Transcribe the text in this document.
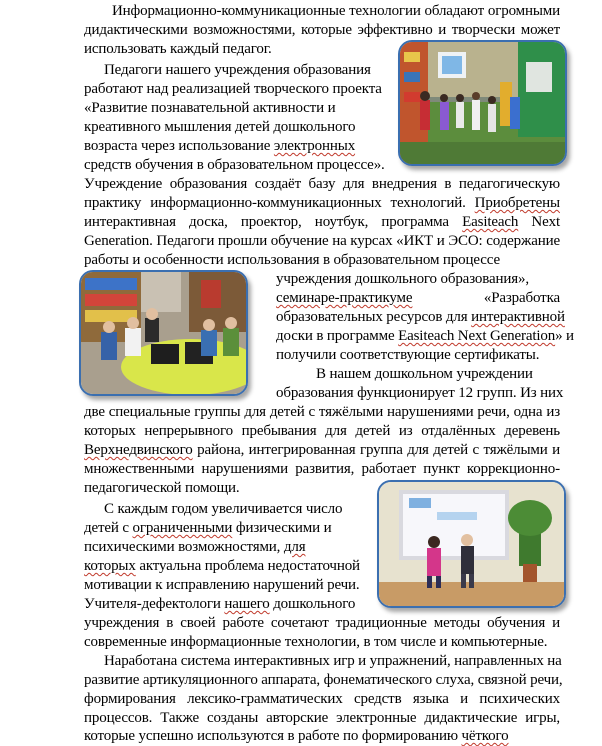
Информационно-коммуникационные технологии обладают огромными

дидактическими возможностями, которые эффективно и творчески может

использовать каждый педагог.

Педагоги нашего учреждения образования

работают над реализацией творческого проекта

«Развитие познавательной активности и

креативного мышления детей дошкольного

возраста через использование электронных

средств обучения в образовательном процессе».

Учреждение образования создаёт базу для внедрения в педагогическую

практику информационно-коммуникационных технологий. Приобретены

интерактивная доска, проектор, ноутбук, программа Easiteach Next

Generation. Педагоги прошли обучение на курсах «ИКТ и ЭСО: содержание

работы и особенности использования в образовательном процессе

учреждения дошкольного образования»,

семинаре-практикуме «Разработка

образовательных ресурсов для интерактивной

доски в программе Easiteach Next Generation» и

получили соответствующие сертификаты.

В нашем дошкольном учреждении

образования функционирует 12 групп. Из них

две специальные группы для детей с тяжёлыми нарушениями речи, одна из

которых непрерывного пребывания для детей из отдалённых деревень

Верхнедвинского района, интегрированная группа для детей с тяжёлыми и

множественными нарушениями развития, работает пункт коррекционно-

педагогической помощи.

С каждым годом увеличивается число

детей с ограниченными физическими и

психическими возможностями, для

которых актуальна проблема недостаточной

мотивации к исправлению нарушений речи.

Учителя-дефектологи нашего дошкольного

учреждения в своей работе сочетают традиционные методы обучения и

современные информационные технологии, в том числе и компьютерные.

Наработана система интерактивных игр и упражнений, направленных на

развитие артикуляционного аппарата, фонематического слуха, связной речи,

формирования лексико-грамматических средств языка и психических

процессов. Также созданы авторские электронные дидактические игры,

которые успешно используются в работе по формированию чёткого
